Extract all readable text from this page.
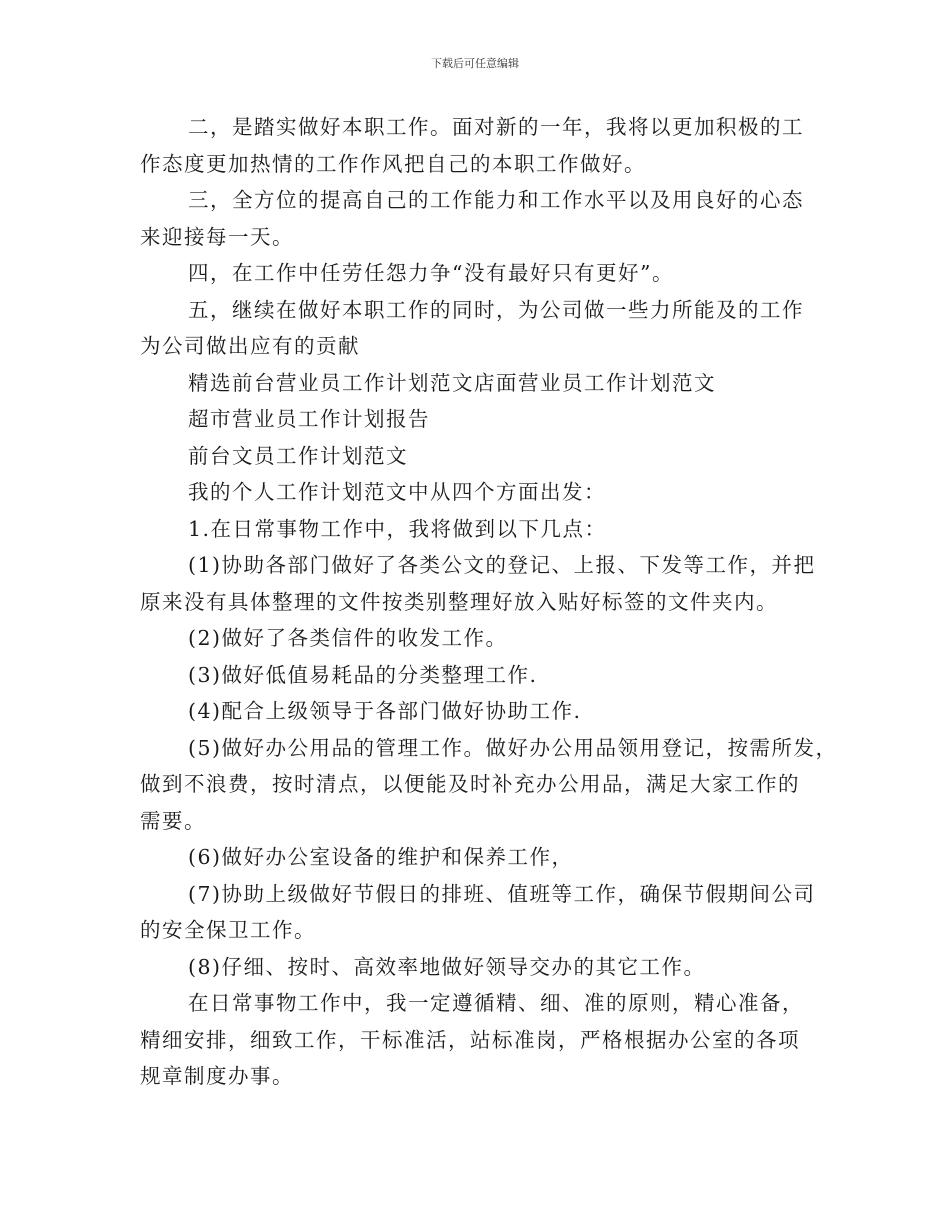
下载后可任意编辑
二，是踏实做好本职工作。面对新的一年，我将以更加积极的工
作态度更加热情的工作作风把自己的本职工作做好。
三，全方位的提高自己的工作能力和工作水平以及用良好的心态
来迎接每一天。
四，在工作中任劳任怨力争“没有最好只有更好”。
五，继续在做好本职工作的同时，为公司做一些力所能及的工作
为公司做出应有的贡献
精选前台营业员工作计划范文店面营业员工作计划范文
超市营业员工作计划报告
前台文员工作计划范文
我的个人工作计划范文中从四个方面出发：
1.在日常事物工作中，我将做到以下几点：
(1)协助各部门做好了各类公文的登记、上报、下发等工作，并把
原来没有具体整理的文件按类别整理好放入贴好标签的文件夹内。
(2)做好了各类信件的收发工作。
(3)做好低值易耗品的分类整理工作.
(4)配合上级领导于各部门做好协助工作.
(5)做好办公用品的管理工作。做好办公用品领用登记，按需所发，
做到不浪费，按时清点，以便能及时补充办公用品，满足大家工作的
需要。
(6)做好办公室设备的维护和保养工作，
(7)协助上级做好节假日的排班、值班等工作，确保节假期间公司
的安全保卫工作。
(8)仔细、按时、高效率地做好领导交办的其它工作。
在日常事物工作中，我一定遵循精、细、准的原则，精心准备，
精细安排，细致工作，干标准活，站标准岗，严格根据办公室的各项
规章制度办事。
